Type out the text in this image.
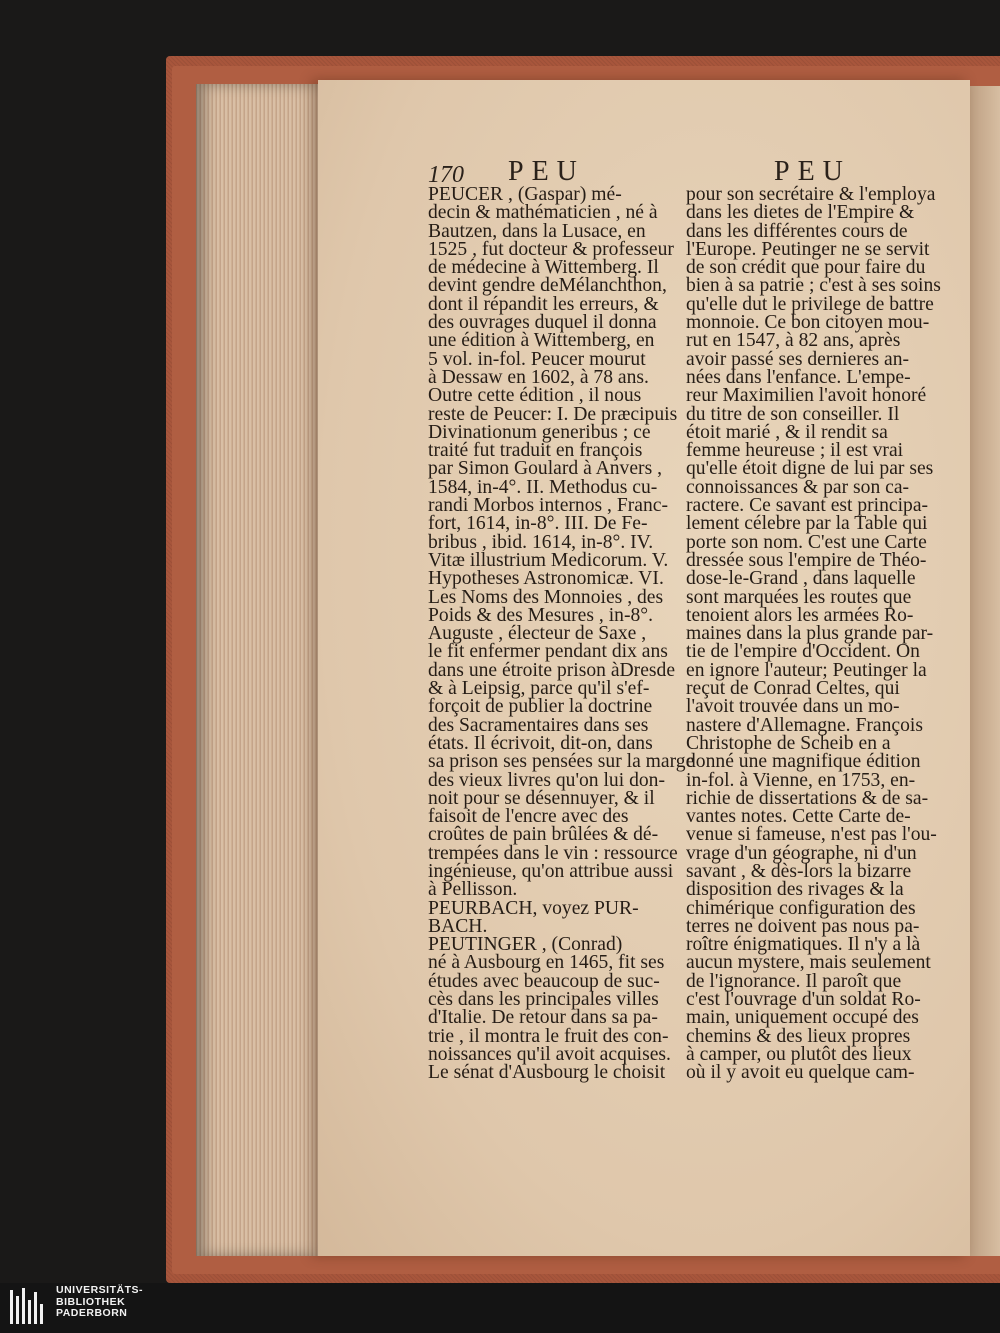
170 PEU	PEU
PEUCER , (Gaspar) mé-
decin & mathématicien , né à
Bautzen, dans la Lusace, en
1525 , fut docteur & professeur
de médecine à Wittemberg. Il
devint gendre deMélanchthon,
dont il répandit les erreurs, &
des ouvrages duquel il donna
une édition à Wittemberg, en
5 vol. in-fol. Peucer mourut
à Dessaw en 1602, à 78 ans.
Outre cette édition , il nous
reste de Peucer: I. De præcipuis
Divinationum generibus ; ce
traité fut traduit en françois
par Simon Goulard à Anvers ,
1584, in-4°. II. Methodus cu-
randi Morbos internos , Franc-
fort, 1614, in-8°. III. De Fe-
bribus , ibid. 1614, in-8°. IV.
Vitæ illustrium Medicorum. V.
Hypotheses Astronomicæ. VI.
Les Noms des Monnoies , des
Poids & des Mesures , in-8°.
Auguste , électeur de Saxe ,
le fit enfermer pendant dix ans
dans une étroite prison àDresde
& à Leipsig, parce qu'il s'ef-
forçoit de publier la doctrine
des Sacramentaires dans ses
états. Il écrivoit, dit-on, dans
sa prison ses pensées sur la marge
des vieux livres qu'on lui don-
noit pour se désennuyer, & il
faisoit de l'encre avec des
croûtes de pain brûlées & dé-
trempées dans le vin : ressource
ingénieuse, qu'on attribue aussi
à Pellisson.
PEURBACH, voyez PUR-
BACH.
PEUTINGER , (Conrad)
né à Ausbourg en 1465, fit ses
études avec beaucoup de suc-
cès dans les principales villes
d'Italie. De retour dans sa pa-
trie , il montra le fruit des con-
noissances qu'il avoit acquises.
Le sénat d'Ausbourg le choisit
pour son secrétaire & l'employa
dans les dietes de l'Empire &
dans les différentes cours de
l'Europe. Peutinger ne se servit
de son crédit que pour faire du
bien à sa patrie ; c'est à ses soins
qu'elle dut le privilege de battre
monnoie. Ce bon citoyen mou-
rut en 1547, à 82 ans, après
avoir passé ses dernieres an-
nées dans l'enfance. L'empe-
reur Maximilien l'avoit honoré
du titre de son conseiller. Il
étoit marié , & il rendit sa
femme heureuse ; il est vrai
qu'elle étoit digne de lui par ses
connoissances & par son ca-
ractere. Ce savant est principa-
lement célebre par la Table qui
porte son nom. C'est une Carte
dressée sous l'empire de Théo-
dose-le-Grand , dans laquelle
sont marquées les routes que
tenoient alors les armées Ro-
maines dans la plus grande par-
tie de l'empire d'Occident. On
en ignore l'auteur; Peutinger la
reçut de Conrad Celtes, qui
l'avoit trouvée dans un mo-
nastere d'Allemagne. François
Christophe de Scheib en a
donné une magnifique édition
in-fol. à Vienne, en 1753, en-
richie de dissertations & de sa-
vantes notes. Cette Carte de-
venue si fameuse, n'est pas l'ou-
vrage d'un géographe, ni d'un
savant , & dès-lors la bizarre
disposition des rivages & la
chimérique configuration des
terres ne doivent pas nous pa-
roître énigmatiques. Il n'y a là
aucun mystere, mais seulement
de l'ignorance. Il paroît que
c'est l'ouvrage d'un soldat Ro-
main, uniquement occupé des
chemins & des lieux propres
à camper, ou plutôt des lieux
où il y avoit eu quelque cam-
UNIVERSITÄTS-
BIBLIOTHEK
PADERBORN
